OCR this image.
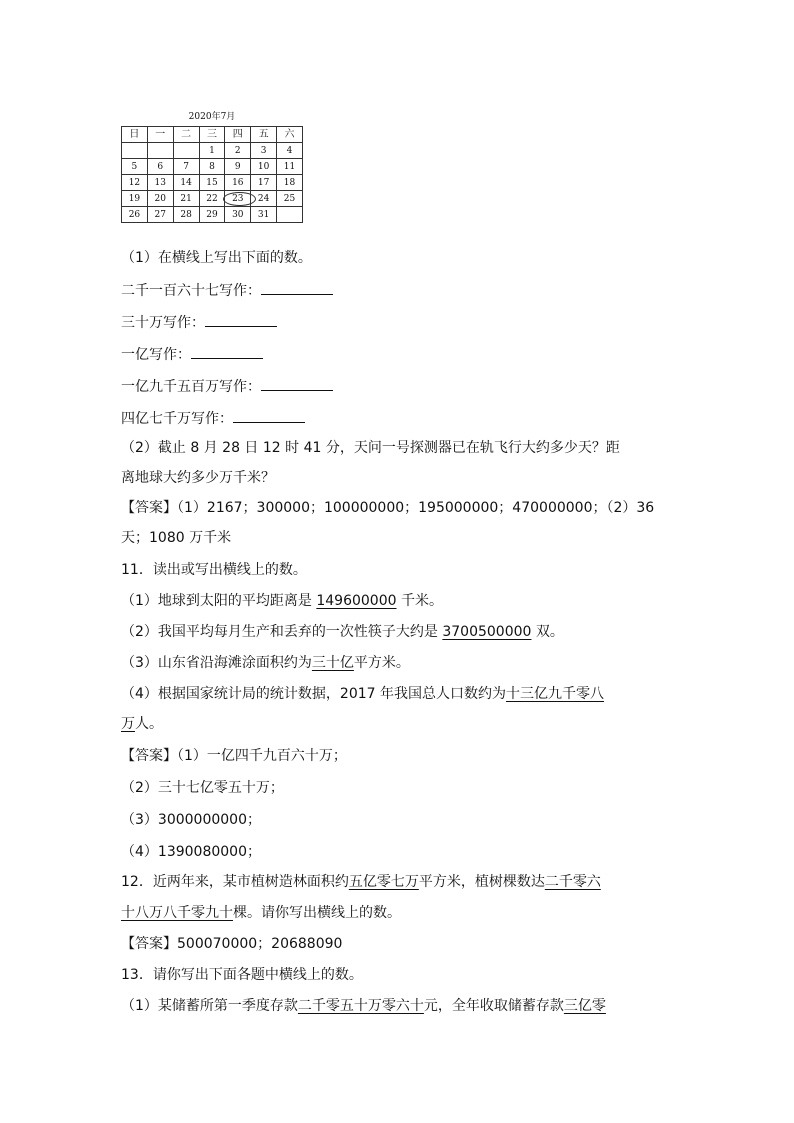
2020年7月
日	一	二	三	四	五	六
			1	2	3	4
5	6	7	8	9	10	11
12	13	14	15	16	17	18
19	20	21	22	23	24	25
26	27	28	29	30	31	
（1）在横线上写出下面的数。
二千一百六十七写作：
三十万写作：
一亿写作：
一亿九千五百万写作：
四亿七千万写作：
（2）截止 8 月 28 日 12 时 41 分，天问一号探测器已在轨飞行大约多少天？距
离地球大约多少万千米？
【答案】（1）2167；300000；100000000；195000000；470000000；（2）36
天；1080 万千米
11．读出或写出横线上的数。
（1）地球到太阳的平均距离是 149600000 千米。
（2）我国平均每月生产和丢弃的一次性筷子大约是 3700500000 双。
（3）山东省沿海滩涂面积约为三十亿平方米。
（4）根据国家统计局的统计数据，2017 年我国总人口数约为十三亿九千零八
万人。
【答案】（1）一亿四千九百六十万；
（2）三十七亿零五十万；
（3）3000000000；
（4）1390080000；
12．近两年来，某市植树造林面积约五亿零七万平方米，植树棵数达二千零六
十八万八千零九十棵。请你写出横线上的数。
【答案】500070000；20688090
13．请你写出下面各题中横线上的数。
（1）某储蓄所第一季度存款二千零五十万零六十元，全年收取储蓄存款三亿零
